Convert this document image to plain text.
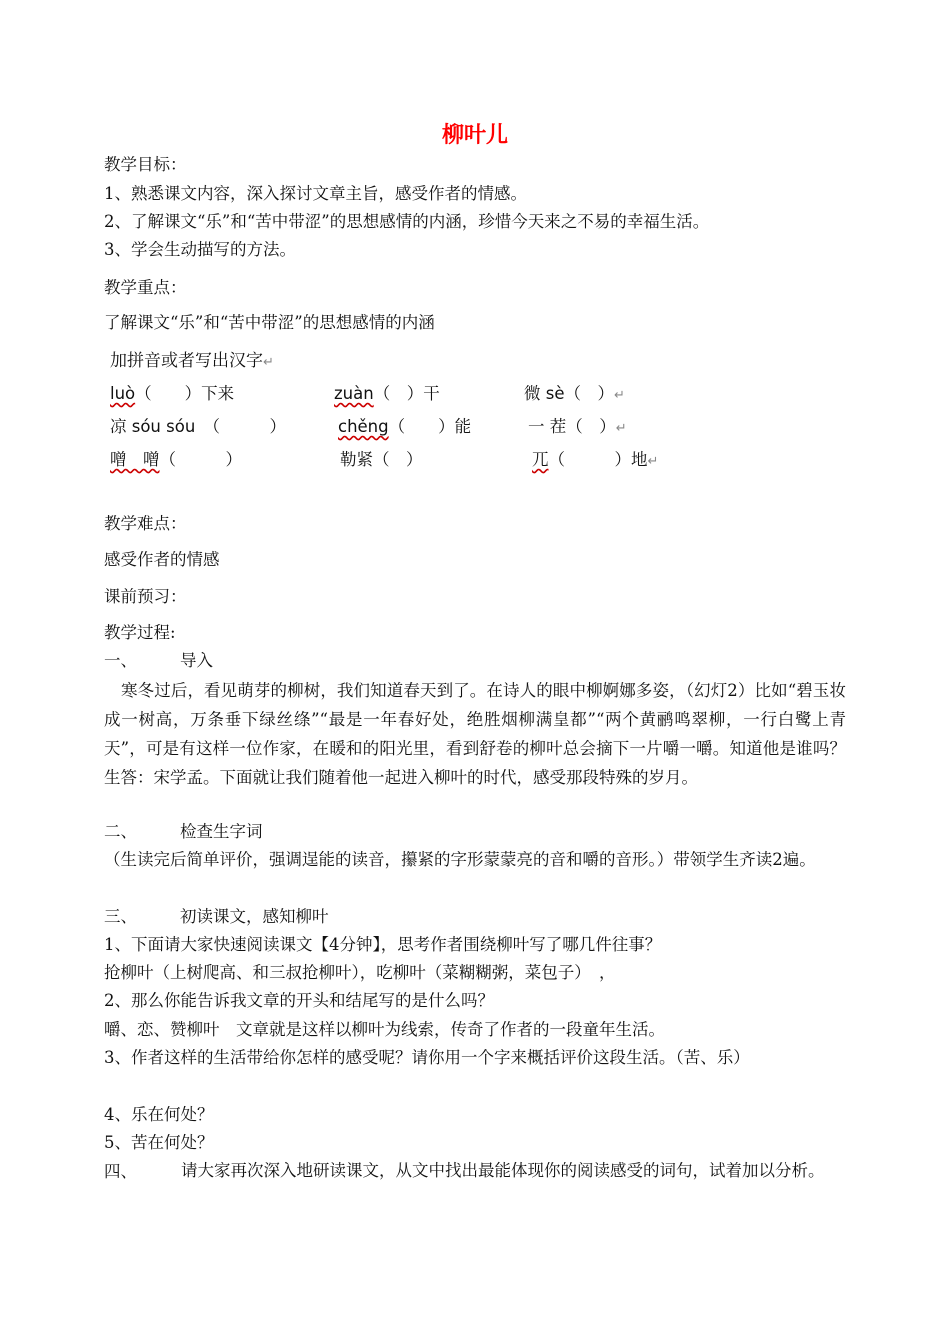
柳叶儿
教学目标：
1、熟悉课文内容，深入探讨文章主旨，感受作者的情感。
2、了解课文“乐”和“苦中带涩”的思想感情的内涵，珍惜今天来之不易的幸福生活。
3、学会生动描写的方法。
教学重点：
了解课文“乐”和“苦中带涩”的思想感情的内涵
加拼音或者写出汉字↵
luò（　　）下来	zuàn（　）干	微 sè（　）↵
凉 sóu sóu　 （　　　）	chěng（　　）能	一 茬（　）↵
噌　噌（　　　）	勒紧（　）	兀（　　　）地↵
教学难点：
感受作者的情感
课前预习：
教学过程:
一、	导入
寒冬过后，看见萌芽的柳树，我们知道春天到了。在诗人的眼中柳婀娜多姿，（幻灯2）比如“碧玉妆成一树高，万条垂下绿丝绦”“最是一年春好处，绝胜烟柳满皇都”“两个黄鹂鸣翠柳，一行白鹭上青天”，可是有这样一位作家，在暖和的阳光里，看到舒卷的柳叶总会摘下一片嚼一嚼。知道他是谁吗？　生答：宋学孟。下面就让我们随着他一起进入柳叶的时代，感受那段特殊的岁月。
二、	检查生字词
（生读完后简单评价，强调逞能的读音，攥紧的字形蒙蒙亮的音和嚼的音形。）带领学生齐读2遍。
三、	初读课文，感知柳叶
1、下面请大家快速阅读课文【4分钟】，思考作者围绕柳叶写了哪几件往事？
抢柳叶（上树爬高、和三叔抢柳叶），吃柳叶（菜糊糊粥，菜包子）　，
2、那么你能告诉我文章的开头和结尾写的是什么吗？
嚼、恋、赞柳叶　文章就是这样以柳叶为线索，传奇了作者的一段童年生活。
3、作者这样的生活带给你怎样的感受呢？请你用一个字来概括评价这段生活。（苦、乐）
4、乐在何处？
5、苦在何处？
四、	请大家再次深入地研读课文，从文中找出最能体现你的阅读感受的词句，试着加以分析。
